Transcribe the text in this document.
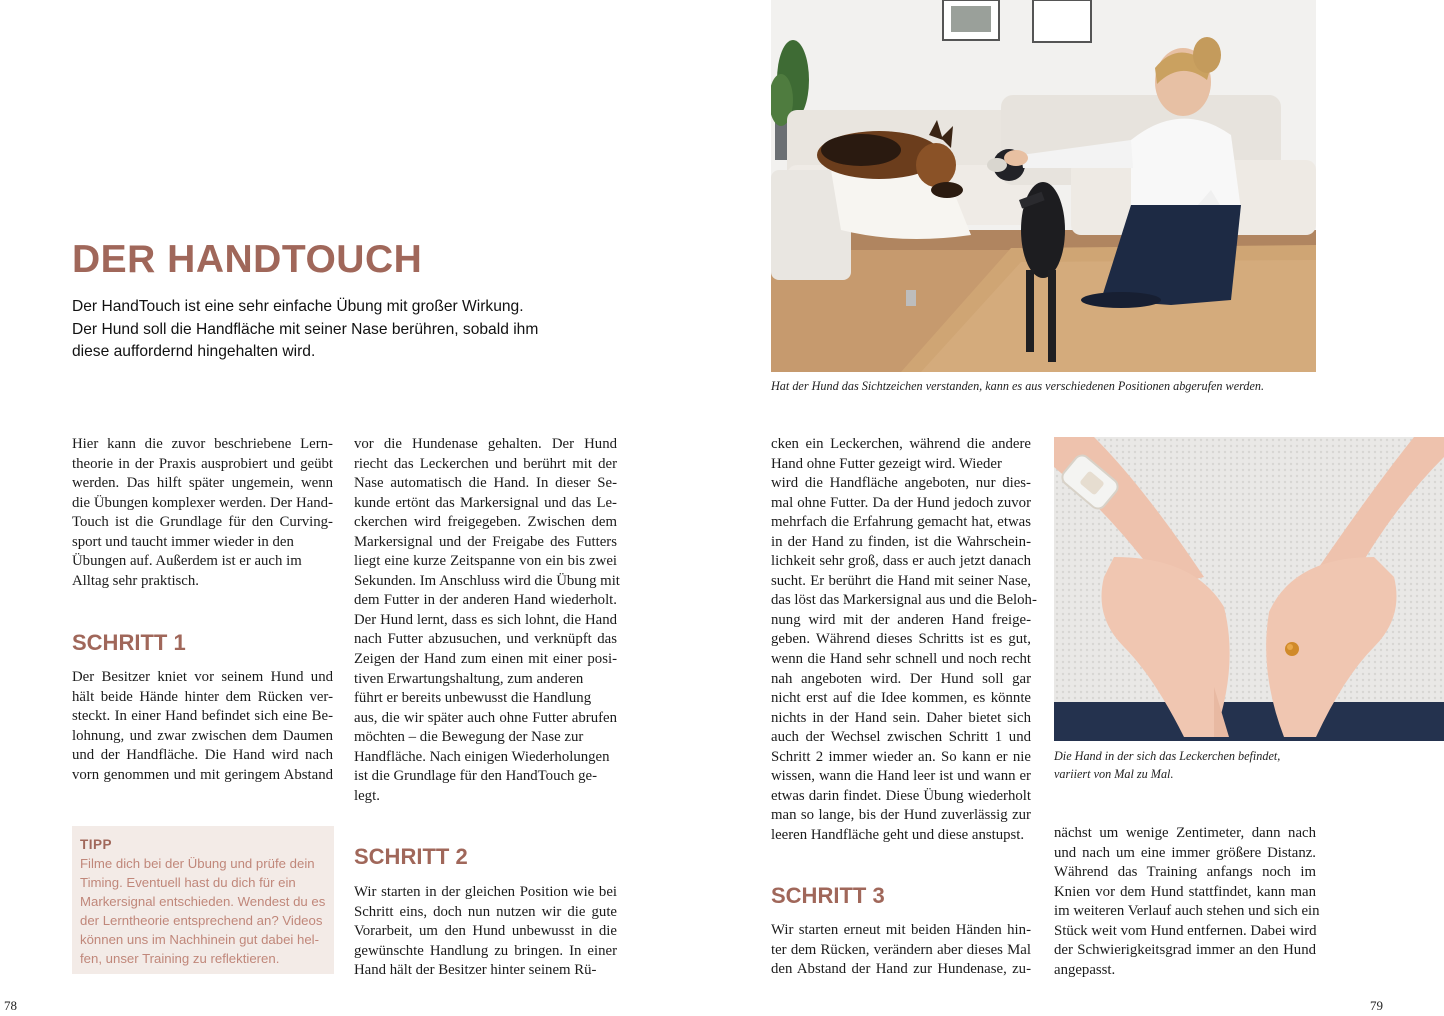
DER HANDTOUCH
Der HandTouch ist eine sehr einfache Übung mit großer Wirkung.
Der Hund soll die Handfläche mit seiner Nase berühren, sobald ihm
diese auffordernd hingehalten wird.
Hier kann die zuvor beschriebene Lern-
theorie in der Praxis ausprobiert und geübt
werden. Das hilft später ungemein, wenn
die Übungen komplexer werden. Der Hand-
Touch ist die Grundlage für den Curving-
sport und taucht immer wieder in den
Übungen auf. Außerdem ist er auch im
Alltag sehr praktisch.
SCHRITT 1
Der Besitzer kniet vor seinem Hund und
hält beide Hände hinter dem Rücken ver-
steckt. In einer Hand befindet sich eine Be-
lohnung, und zwar zwischen dem Daumen
und der Handfläche. Die Hand wird nach
vorn genommen und mit geringem Abstand
TIPP
Filme dich bei der Übung und prüfe dein
Timing. Eventuell hast du dich für ein
Markersignal entschieden. Wendest du es
der Lerntheorie entsprechend an? Videos
können uns im Nachhinein gut dabei hel-
fen, unser Training zu reflektieren.
vor die Hundenase gehalten. Der Hund
riecht das Leckerchen und berührt mit der
Nase automatisch die Hand. In dieser Se-
kunde ertönt das Markersignal und das Le-
ckerchen wird freigegeben. Zwischen dem
Markersignal und der Freigabe des Futters
liegt eine kurze Zeitspanne von ein bis zwei
Sekunden. Im Anschluss wird die Übung mit
dem Futter in der anderen Hand wiederholt.
Der Hund lernt, dass es sich lohnt, die Hand
nach Futter abzusuchen, und verknüpft das
Zeigen der Hand zum einen mit einer posi-
tiven Erwartungshaltung, zum anderen
führt er bereits unbewusst die Handlung
aus, die wir später auch ohne Futter abrufen
möchten – die Bewegung der Nase zur
Handfläche. Nach einigen Wiederholungen
ist die Grundlage für den HandTouch ge-
legt.
SCHRITT 2
Wir starten in der gleichen Position wie bei
Schritt eins, doch nun nutzen wir die gute
Vorarbeit, um den Hund unbewusst in die
gewünschte Handlung zu bringen. In einer
Hand hält der Besitzer hinter seinem Rü-
78
Hat der Hund das Sichtzeichen verstanden, kann es aus verschiedenen Positionen abgerufen werden.
cken ein Leckerchen, während die andere
Hand ohne Futter gezeigt wird. Wieder
wird die Handfläche angeboten, nur dies-
mal ohne Futter. Da der Hund jedoch zuvor
mehrfach die Erfahrung gemacht hat, etwas
in der Hand zu finden, ist die Wahrschein-
lichkeit sehr groß, dass er auch jetzt danach
sucht. Er berührt die Hand mit seiner Nase,
das löst das Markersignal aus und die Beloh-
nung wird mit der anderen Hand freige-
geben. Während dieses Schritts ist es gut,
wenn die Hand sehr schnell und noch recht
nah angeboten wird. Der Hund soll gar
nicht erst auf die Idee kommen, es könnte
nichts in der Hand sein. Daher bietet sich
auch der Wechsel zwischen Schritt 1 und
Schritt 2 immer wieder an. So kann er nie
wissen, wann die Hand leer ist und wann er
etwas darin findet. Diese Übung wiederholt
man so lange, bis der Hund zuverlässig zur
leeren Handfläche geht und diese anstupst.
SCHRITT 3
Wir starten erneut mit beiden Händen hin-
ter dem Rücken, verändern aber dieses Mal
den Abstand der Hand zur Hundenase, zu-
Die Hand in der sich das Leckerchen befindet,
variiert von Mal zu Mal.
nächst um wenige Zentimeter, dann nach
und nach um eine immer größere Distanz.
Während das Training anfangs noch im
Knien vor dem Hund stattfindet, kann man
im weiteren Verlauf auch stehen und sich ein
Stück weit vom Hund entfernen. Dabei wird
der Schwierigkeitsgrad immer an den Hund
angepasst.
79
